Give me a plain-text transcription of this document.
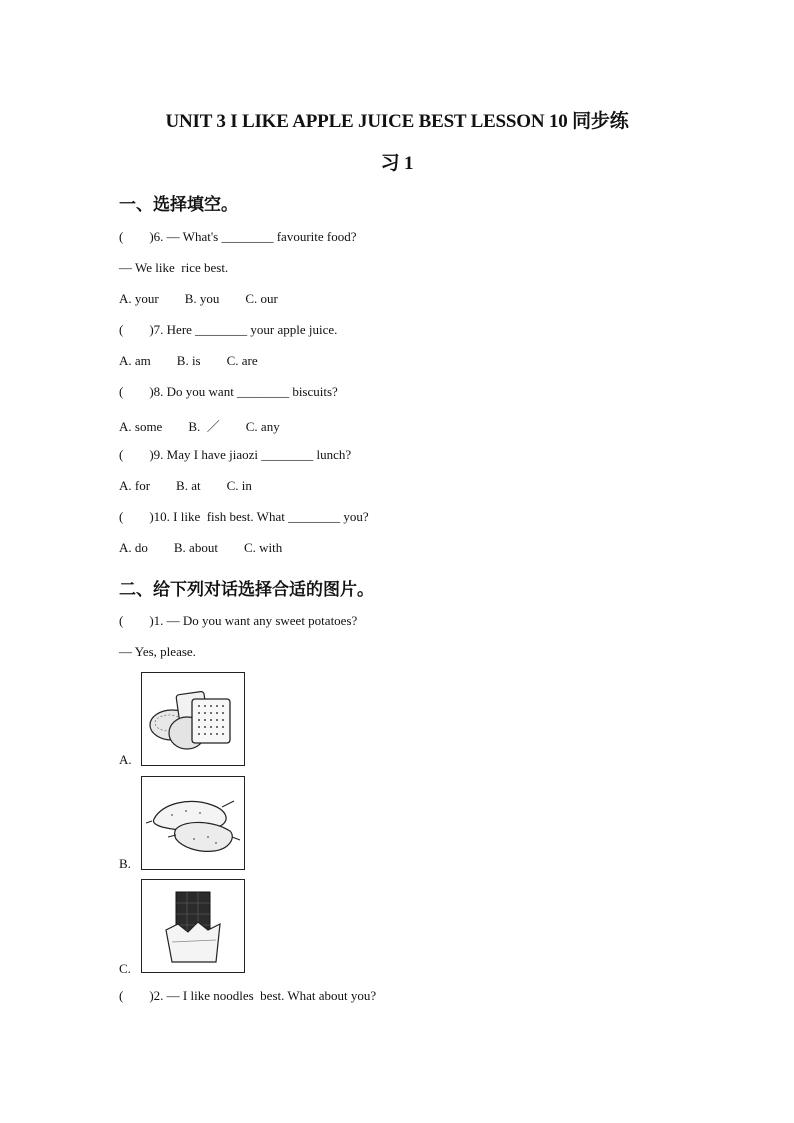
UNIT 3 I LIKE APPLE JUICE BEST LESSON 10 同步练
习 1
一、选择填空。
(        )6. — What's ________ favourite food?
— We like  rice best.
A. your        B. you        C. our
(        )7. Here ________ your apple juice.
A. am        B. is        C. are
(        )8. Do you want ________ biscuits?
A. some        B.  ／        C. any
(        )9. May I have jiaozi ________ lunch?
A. for        B. at        C. in
(        )10. I like  fish best. What ________ you?
A. do        B. about        C. with
二、给下列对话选择合适的图片。
(        )1. — Do you want any sweet potatoes?
— Yes, please.
A.
B.
C.
(        )2. — I like noodles  best. What about you?
